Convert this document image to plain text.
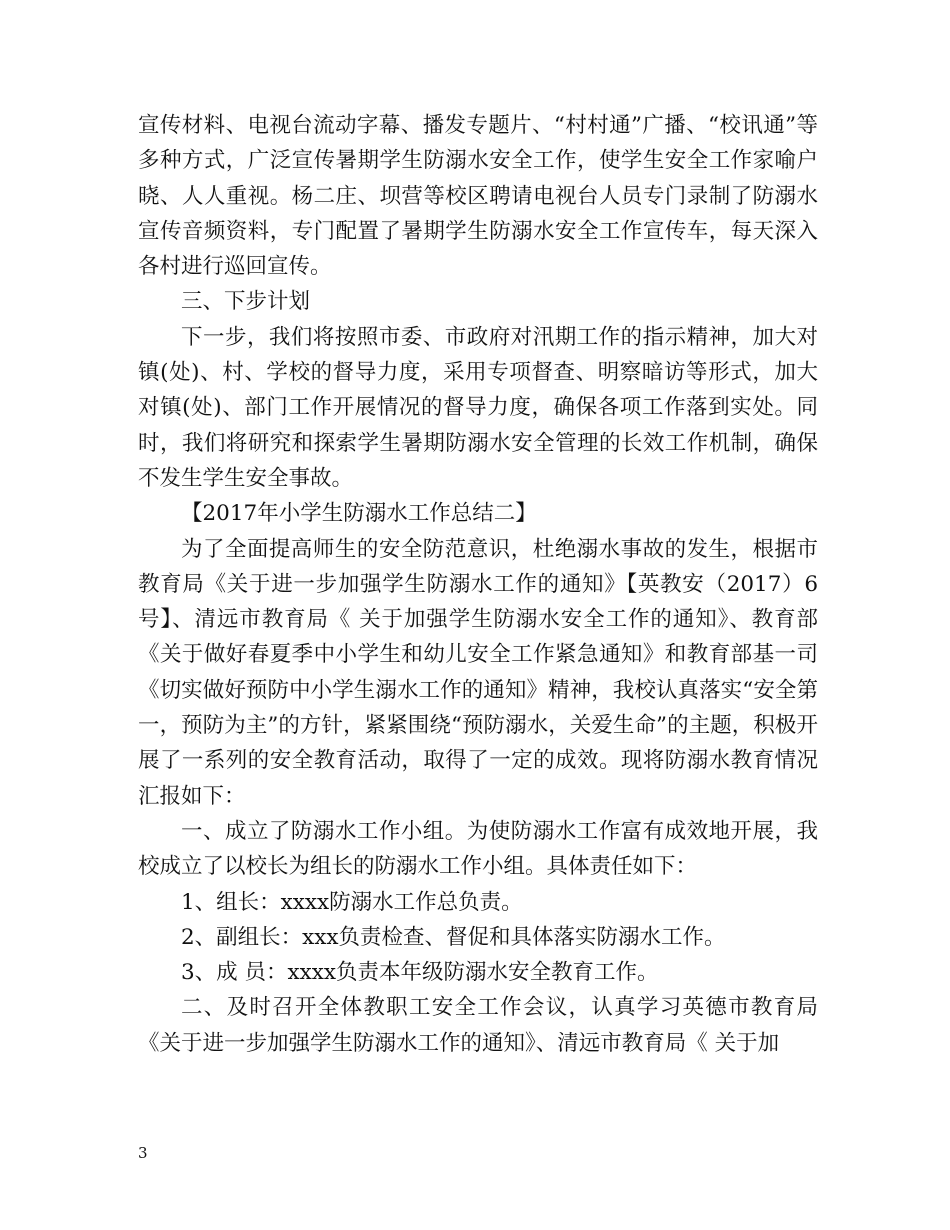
宣传材料、电视台流动字幕、播发专题片、“村村通”广播、“校讯通”等多种方式，广泛宣传暑期学生防溺水安全工作，使学生安全工作家喻户晓、人人重视。杨二庄、坝营等校区聘请电视台人员专门录制了防溺水宣传音频资料，专门配置了暑期学生防溺水安全工作宣传车，每天深入各村进行巡回宣传。

三、下步计划

下一步，我们将按照市委、市政府对汛期工作的指示精神，加大对镇(处)、村、学校的督导力度，采用专项督查、明察暗访等形式，加大对镇(处)、部门工作开展情况的督导力度，确保各项工作落到实处。同时，我们将研究和探索学生暑期防溺水安全管理的长效工作机制，确保不发生学生安全事故。

【2017年小学生防溺水工作总结二】

为了全面提高师生的安全防范意识，杜绝溺水事故的发生，根据市教育局《关于进一步加强学生防溺水工作的通知》【英教安（2017）6号】、清远市教育局《 关于加强学生防溺水安全工作的通知》、教育部《关于做好春夏季中小学生和幼儿安全工作紧急通知》和教育部基一司《切实做好预防中小学生溺水工作的通知》精神，我校认真落实“安全第一，预防为主”的方针，紧紧围绕“预防溺水，关爱生命”的主题，积极开展了一系列的安全教育活动，取得了一定的成效。现将防溺水教育情况汇报如下：

一、成立了防溺水工作小组。为使防溺水工作富有成效地开展，我校成立了以校长为组长的防溺水工作小组。具体责任如下：

1、组长：xxxx防溺水工作总负责。

2、副组长：xxx负责检查、督促和具体落实防溺水工作。

3、成 员：xxxx负责本年级防溺水安全教育工作。

二、及时召开全体教职工安全工作会议，认真学习英德市教育局《关于进一步加强学生防溺水工作的通知》、清远市教育局《 关于加

3
